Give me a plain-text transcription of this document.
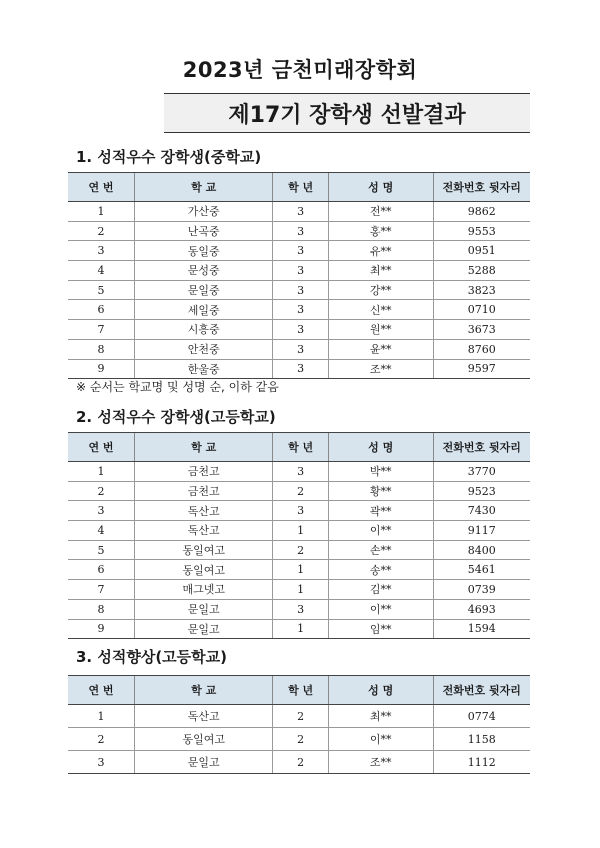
2023년 금천미래장학회
제17기 장학생 선발결과
1. 성적우수 장학생(중학교)
연 번	학 교	학 년	성 명	전화번호 뒷자리
1	가산중	3	전**	9862
2	난곡중	3	홍**	9553
3	동일중	3	유**	0951
4	문성중	3	최**	5288
5	문일중	3	강**	3823
6	세일중	3	신**	0710
7	시흥중	3	원**	3673
8	안천중	3	윤**	8760
9	한울중	3	조**	9597
※ 순서는 학교명 및 성명 순, 이하 같음
2. 성적우수 장학생(고등학교)
연 번	학 교	학 년	성 명	전화번호 뒷자리
1	금천고	3	박**	3770
2	금천고	2	황**	9523
3	독산고	3	곽**	7430
4	독산고	1	이**	9117
5	동일여고	2	손**	8400
6	동일여고	1	송**	5461
7	매그넷고	1	김**	0739
8	문일고	3	이**	4693
9	문일고	1	임**	1594
3. 성적향상(고등학교)
연 번	학 교	학 년	성 명	전화번호 뒷자리
1	독산고	2	최**	0774
2	동일여고	2	이**	1158
3	문일고	2	조**	1112
